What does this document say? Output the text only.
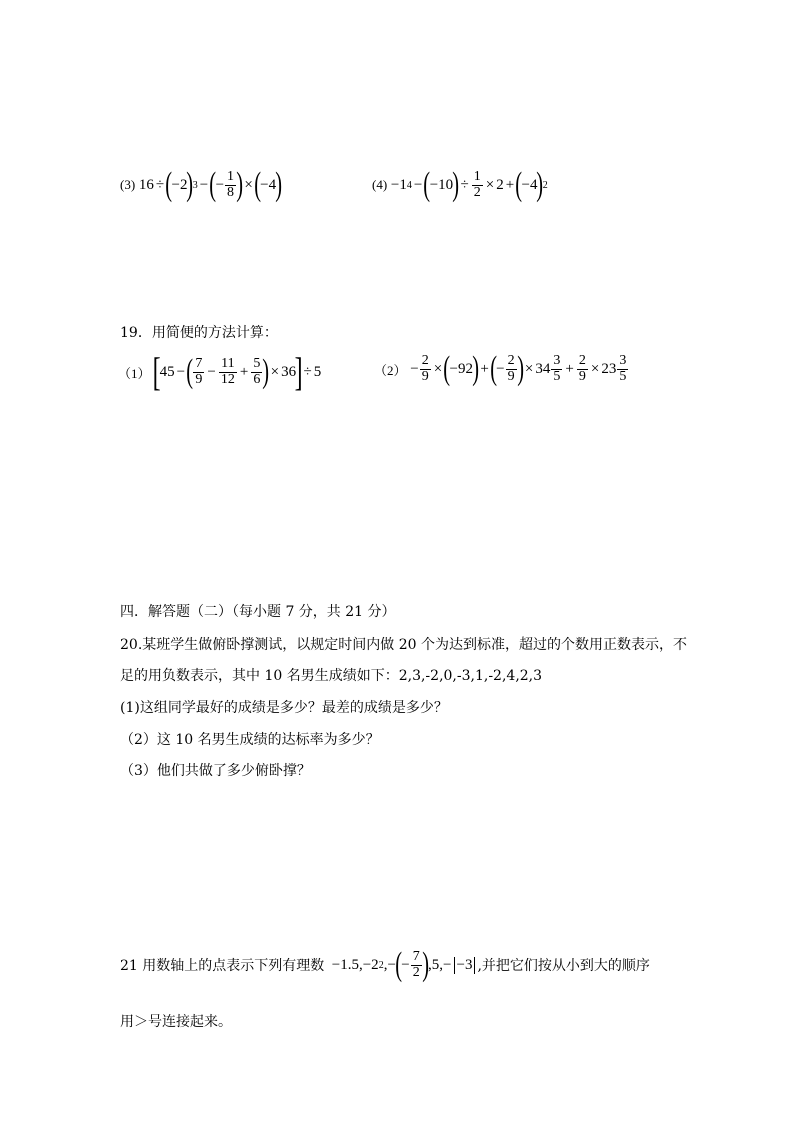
(3) 16 ÷ ( −2 ) 3 − ( − $\frac{1}{8}$ ) × ( −4 )	(4) −1 4 − ( −10 ) ÷ $\frac{1}{2} \times 2$ + ( −4 ) 2
19．用简便的方法计算：
（1）
[
45 − ( $\frac{7}{9} - \frac{11}{12} + \frac{5}{6}$ ) × 36
] ÷ 5	$(2) - \frac{2}{9}$ × ( −92 ) + ( − $\frac{2}{9}$ ) × $34 \frac{3}{5} + \frac{2}{9} \times 23 \frac{3}{5}$
四．解答题（二）（每小题 7 分，共 21 分）
20.某班学生做俯卧撑测试，以规定时间内做 20 个为达到标准，超过的个数用正数表示，不
足的用负数表示，其中 10 名男生成绩如下：2,3,-2,0,-3,1,-2,4,2,3
(1)这组同学最好的成绩是多少？最差的成绩是多少？
（2）这 10 名男生成绩的达标率为多少？
（3）他们共做了多少俯卧撑？
21 用数轴上的点表示下列有理数 −1.5,−2 2 ,− ( − $\frac{7}{2}$ ) ,5,− −3 ,并把它们按从小到大的顺序
用＞号连接起来。
